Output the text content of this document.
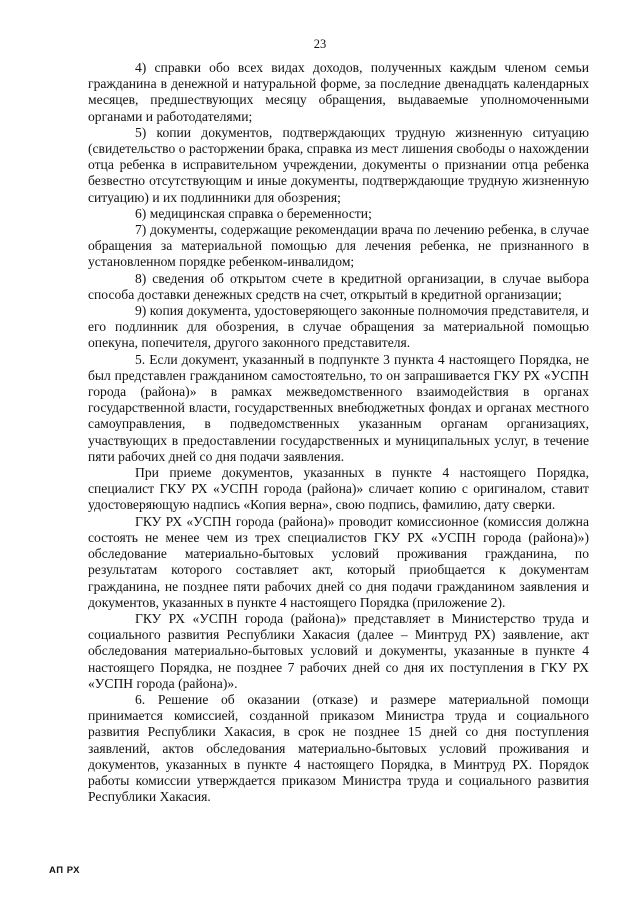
23

4) справки обо всех видах доходов, полученных каждым членом семьи гражданина в денежной и натуральной форме, за последние двенадцать календарных месяцев, предшествующих месяцу обращения, выдаваемые уполномоченными органами и работодателями;

5) копии документов, подтверждающих трудную жизненную ситуацию (свидетельство о расторжении брака, справка из мест лишения свободы о нахождении отца ребенка в исправительном учреждении, документы о признании отца ребенка безвестно отсутствующим и иные документы, подтверждающие трудную жизненную ситуацию) и их подлинники для обозрения;

6) медицинская справка о беременности;

7) документы, содержащие рекомендации врача по лечению ребенка, в случае обращения за материальной помощью для лечения ребенка, не признанного в установленном порядке ребенком-инвалидом;

8) сведения об открытом счете в кредитной организации, в случае выбора способа доставки денежных средств на счет, открытый в кредитной организации;

9) копия документа, удостоверяющего законные полномочия представителя, и его подлинник для обозрения, в случае обращения за материальной помощью опекуна, попечителя, другого законного представителя.

5. Если документ, указанный в подпункте 3 пункта 4 настоящего Порядка, не был представлен гражданином самостоятельно, то он запрашивается ГКУ РХ «УСПН города (района)» в рамках межведомственного взаимодействия в органах государственной власти, государственных внебюджетных фондах и органах местного самоуправления, в подведомственных указанным органам организациях, участвующих в предоставлении государственных и муниципальных услуг, в течение пяти рабочих дней со дня подачи заявления.

При приеме документов, указанных в пункте 4 настоящего Порядка, специалист ГКУ РХ «УСПН города (района)» сличает копию с оригиналом, ставит удостоверяющую надпись «Копия верна», свою подпись, фамилию, дату сверки.

ГКУ РХ «УСПН города (района)» проводит комиссионное (комиссия должна состоять не менее чем из трех специалистов ГКУ РХ «УСПН города (района)») обследование материально-бытовых условий проживания гражданина, по результатам которого составляет акт, который приобщается к документам гражданина, не позднее пяти рабочих дней со дня подачи гражданином заявления и документов, указанных в пункте 4 настоящего Порядка (приложение 2).

ГКУ РХ «УСПН города (района)» представляет в Министерство труда и социального развития Республики Хакасия (далее – Минтруд РХ) заявление, акт обследования материально-бытовых условий и документы, указанные в пункте 4 настоящего Порядка, не позднее 7 рабочих дней со дня их поступления в ГКУ РХ «УСПН города (района)».

6. Решение об оказании (отказе) и размере материальной помощи принимается комиссией, созданной приказом Министра труда и социального развития Республики Хакасия, в срок не позднее 15 дней со дня поступления заявлений, актов обследования материально-бытовых условий проживания и документов, указанных в пункте 4 настоящего Порядка, в Минтруд РХ. Порядок работы комиссии утверждается приказом Министра труда и социального развития Республики Хакасия.

АП РХ
